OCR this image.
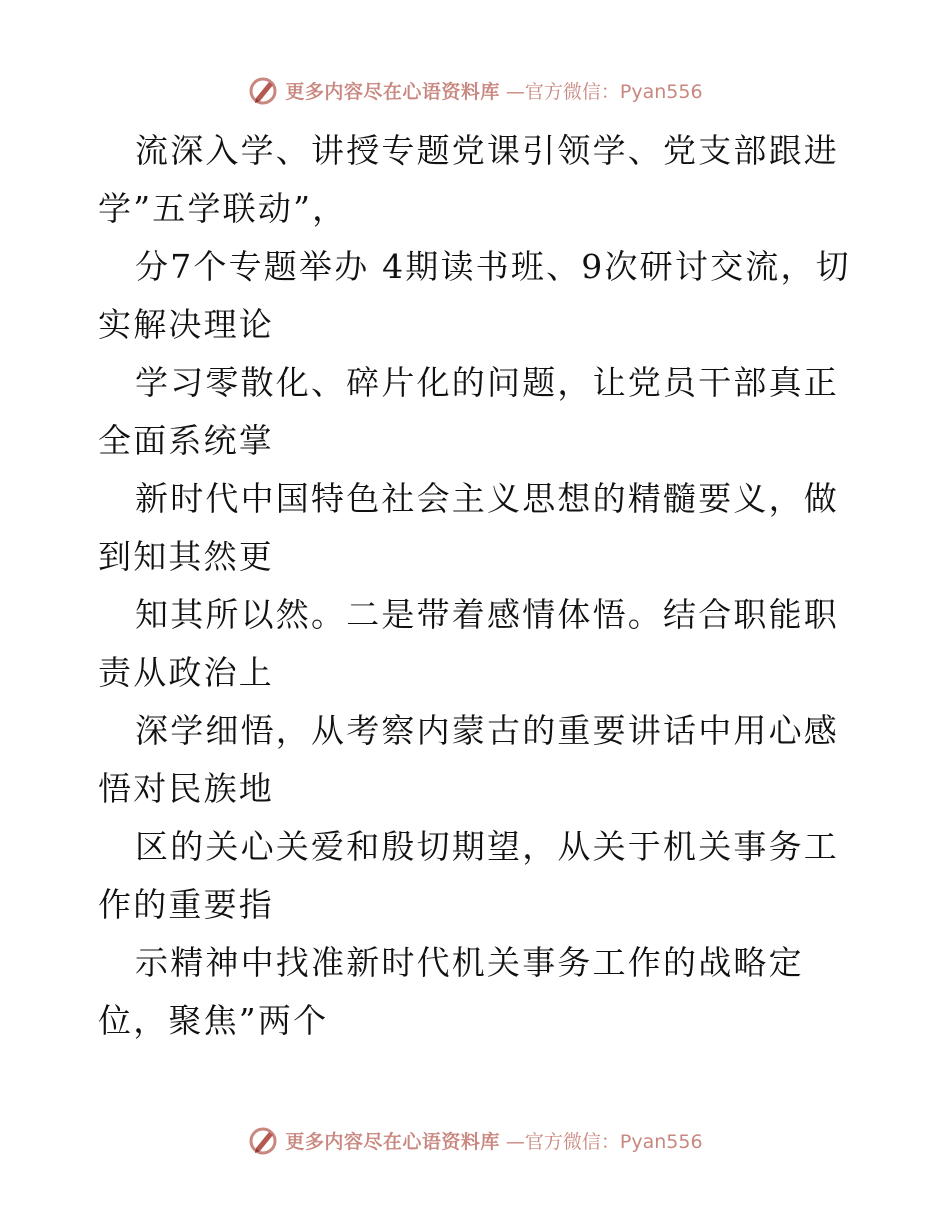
更多内容尽在心语资料库 —官方微信：Pyan556

流深入学、讲授专题党课引领学、党支部跟进学”五学联动”，

分7个专题举办 4期读书班、9次研讨交流，切实解决理论

学习零散化、碎片化的问题，让党员干部真正全面系统掌

新时代中国特色社会主义思想的精髓要义，做到知其然更

知其所以然。二是带着感情体悟。结合职能职责从政治上

深学细悟，从考察内蒙古的重要讲话中用心感悟对民族地

区的关心关爱和殷切期望，从关于机关事务工作的重要指

示精神中找准新时代机关事务工作的战略定位，聚焦”两个

更多内容尽在心语资料库 —官方微信：Pyan556
